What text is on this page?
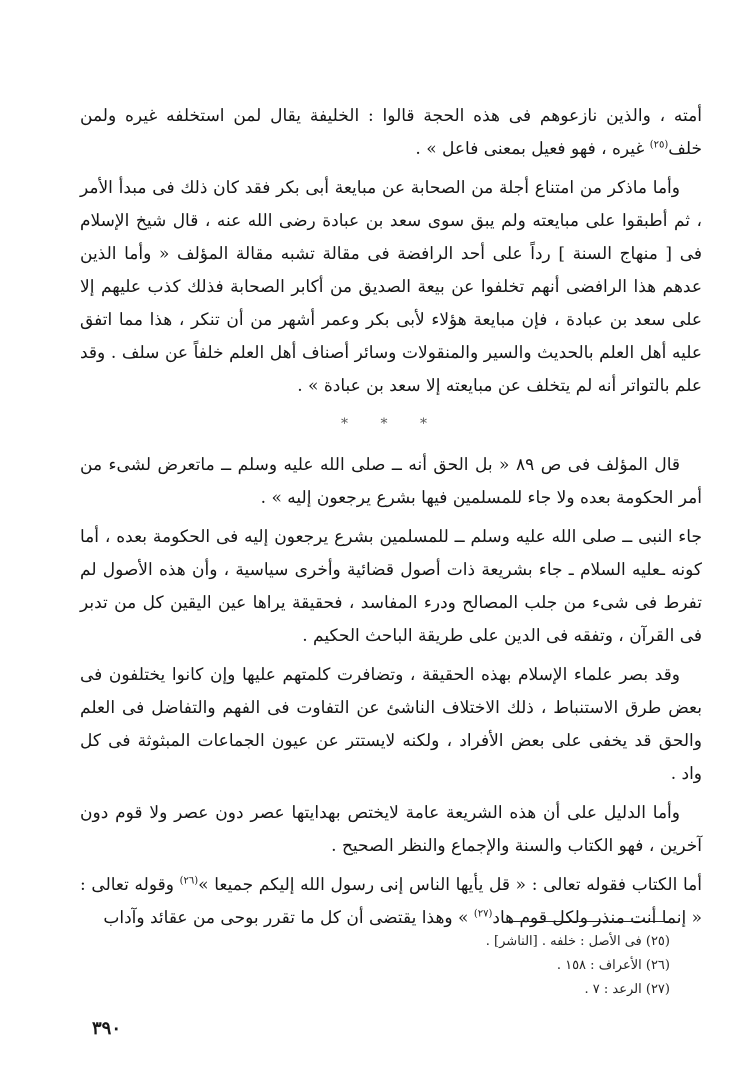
أمته ، والذين نازعوهم فى هذه الحجة قالوا : الخليفة يقال لمن استخلفه غيره ولمن خلف$^{(٢٥)}$ غيره ، فهو فعيل بمعنى فاعل » .

وأما ماذكر من امتناع أجلة من الصحابة عن مبايعة أبى بكر فقد كان ذلك فى مبدأ الأمر ، ثم أطبقوا على مبايعته ولم يبق سوى سعد بن عبادة رضى الله عنه ، قال شيخ الإسلام فى [ منهاج السنة ] رداً على أحد الرافضة فى مقالة تشبه مقالة المؤلف « وأما الذين عدهم هذا الرافضى أنهم تخلفوا عن بيعة الصديق من أكابر الصحابة فذلك كذب عليهم إلا على سعد بن عبادة ، فإن مبايعة هؤلاء لأبى بكر وعمر أشهر من أن تنكر ، هذا مما اتفق عليه أهل العلم بالحديث والسير والمنقولات وسائر أصناف أهل العلم خلفاً عن سلف . وقد علم بالتواتر أنه لم يتخلف عن مبايعته إلا سعد بن عبادة » .

* * *

قال المؤلف فى ص ٨٩ « بل الحق أنه ــ صلى الله عليه وسلم ــ ماتعرض لشىء من أمر الحكومة بعده ولا جاء للمسلمين فيها بشرع يرجعون إليه » .

جاء النبى ــ صلى الله عليه وسلم ــ للمسلمين بشرع يرجعون إليه فى الحكومة بعده ، أما كونه ـعليه السلام ـ جاء بشريعة ذات أصول قضائية وأخرى سياسية ، وأن هذه الأصول لم تفرط فى شىء من جلب المصالح ودرء المفاسد ، فحقيقة يراها عين اليقين كل من تدبر فى القرآن ، وتفقه فى الدين على طريقة الباحث الحكيم .

وقد بصر علماء الإسلام بهذه الحقيقة ، وتضافرت كلمتهم عليها وإن كانوا يختلفون فى بعض طرق الاستنباط ، ذلك الاختلاف الناشئ عن التفاوت فى الفهم والتفاضل فى العلم والحق قد يخفى على بعض الأفراد ، ولكنه لايستتر عن عيون الجماعات المبثوثة فى كل واد .

وأما الدليل على أن هذه الشريعة عامة لايختص بهدايتها عصر دون عصر ولا قوم دون آخرين ، فهو الكتاب والسنة والإجماع والنظر الصحيح .

أما الكتاب فقوله تعالى : « قل يأيها الناس إنى رسول الله إليكم جميعا »$^{(٢٦)}$ وقوله تعالى : « إنما أنت منذر ولكل قوم هاد$^{(٢٧)}$ » وهذا يقتضى أن كل ما تقرر بوحى من عقائد وآداب

(٢٥) فى الأصل : خلفه . [الناشر] .
(٢٦) الأعراف : ١٥٨ .
(٢٧) الرعد : ٧ .
٣٩٠
